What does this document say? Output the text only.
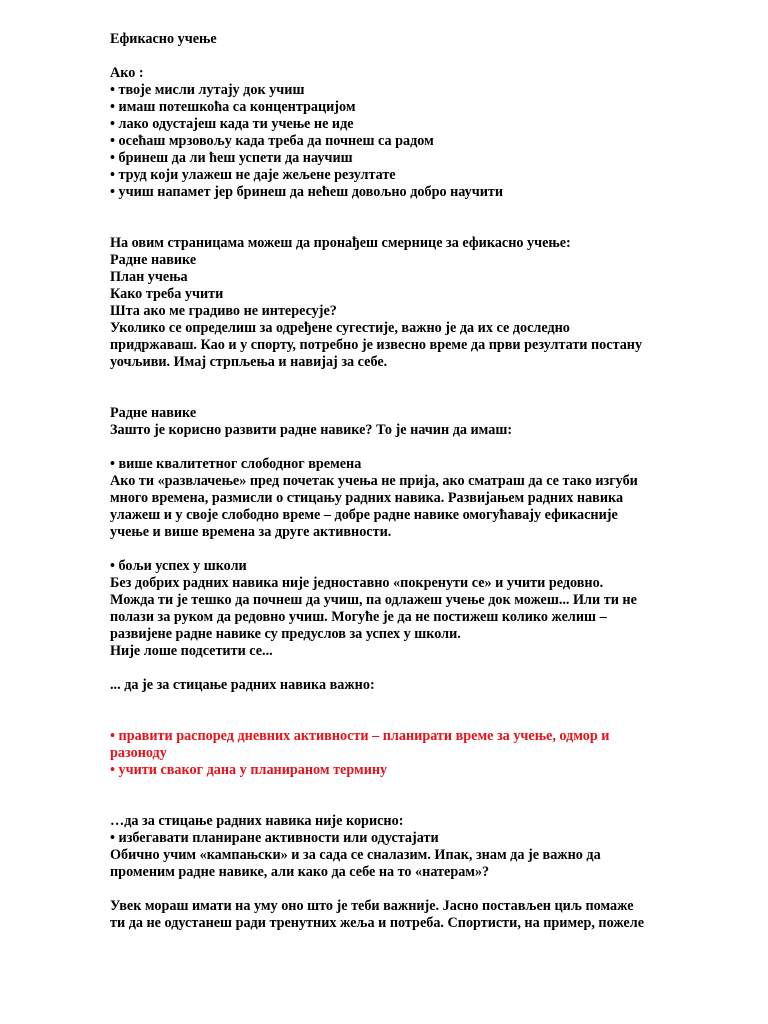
Ефикасно учење
Ако :
• твоје мисли лутају док учиш
• имаш потешкоћа са концентрацијом
• лако одустајеш када ти учење не иде
• осећаш мрзовољу када треба да почнеш са радом
• бринеш да ли ћеш успети да научиш
• труд који улажеш не даје жељене резултате
• учиш напамет јер бринеш да нећеш довољно добро научити
На овим страницама можеш да пронађеш смернице за ефикасно учење:
Радне навике
План учења
Како треба учити
Шта ако ме градиво не интересује?
Уколико се определиш за одређене сугестије, важно је да их се доследно
придржаваш. Као и у спорту, потребно је извесно време да први резултати постану
уочљиви. Имај стрпљења и навијај за себе.
Радне навике
Зашто је корисно развити радне навике? То је начин да имаш:
• више квалитетног слободног времена
Ако ти «развлачење» пред почетак учења не прија, ако сматраш да се тако изгуби
много времена, размисли о стицању радних навика. Развијањем радних навика
улажеш и у своје слободно време – добре радне навике омогућавају ефикасније
учење и више времена за друге активности.
• бољи успех у школи
Без добрих радних навика није једноставно «покренути се» и учити редовно.
Можда ти је тешко да почнеш да учиш, па одлажеш учење док можеш... Или ти не
полази за руком да редовно учиш. Могуће је да не постижеш колико желиш –
развијене радне навике су предуслов за успех у школи.
Није лоше подсетити се...
... да је за стицање радних навика важно:
• правити распоред дневних активности – планирати време за учење, одмор и
разоноду
• учити сваког дана у планираном термину
…да за стицање радних навика није корисно:
• избегавати планиране активности или одустајати
Обично учим «кампањски» и за сада се сналазим. Ипак, знам да је важно да
променим радне навике, али како да себе на то «натерам»?
Увек мораш имати на уму оно што је теби важније. Јасно постављен циљ помаже
ти да не одустанеш ради тренутних жеља и потреба. Спортисти, на пример, пожеле
